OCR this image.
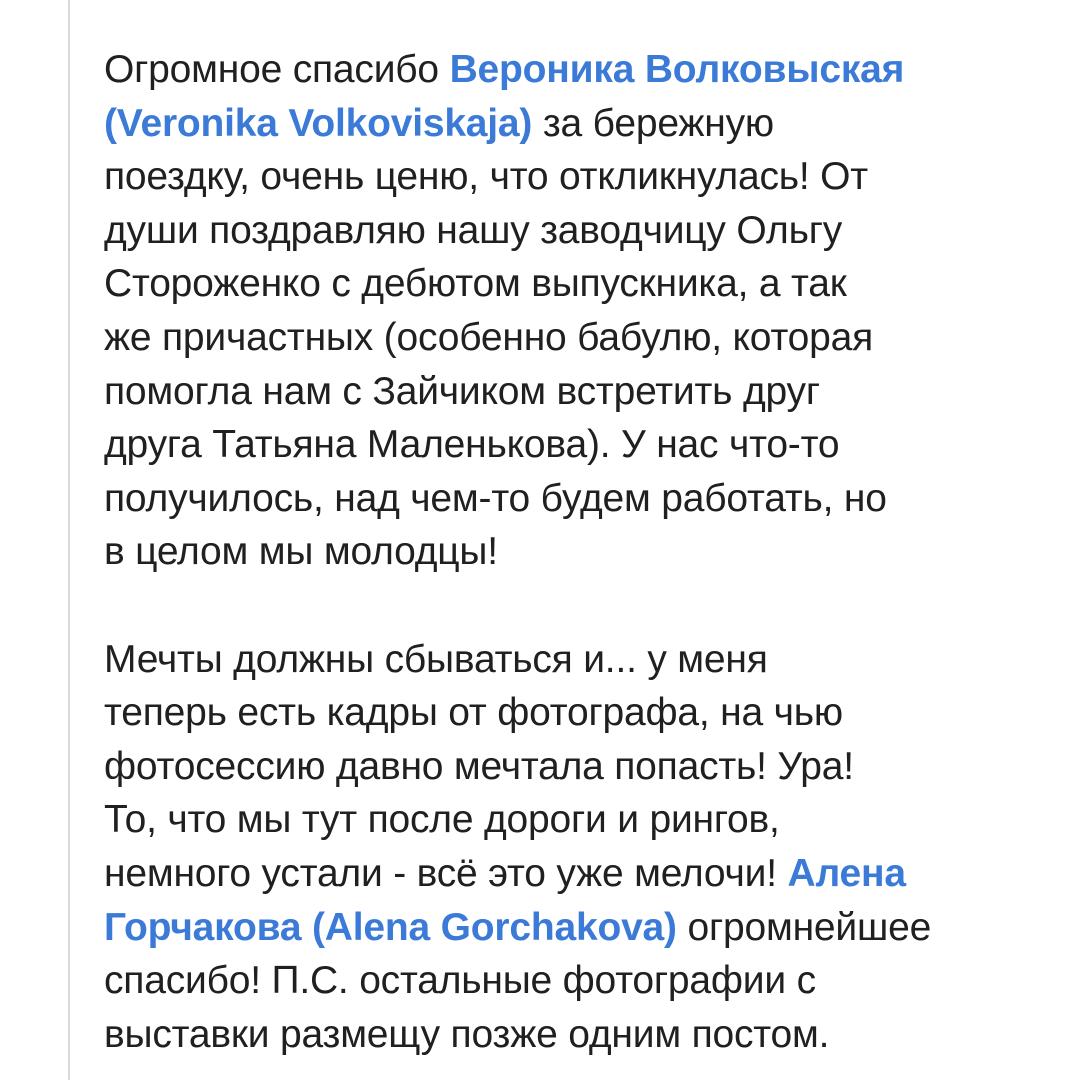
Огромное спасибо Вероника Волковыская
(Veronika Volkoviskaja) за бережную
поездку, очень ценю, что откликнулась! От
души поздравляю нашу заводчицу Ольгу
Стороженко с дебютом выпускника, а так
же причастных (особенно бабулю, которая
помогла нам с Зайчиком встретить друг
друга Татьяна Маленькова). У нас что-то
получилось, над чем-то будем работать, но
в целом мы молодцы!

Мечты должны сбываться и... у меня
теперь есть кадры от фотографа, на чью
фотосессию давно мечтала попасть! Ура!
То, что мы тут после дороги и рингов,
немного устали - всё это уже мелочи! Алена
Горчакова (Alena Gorchakova) огромнейшее
спасибо! П.С. остальные фотографии с
выставки размещу позже одним постом.
